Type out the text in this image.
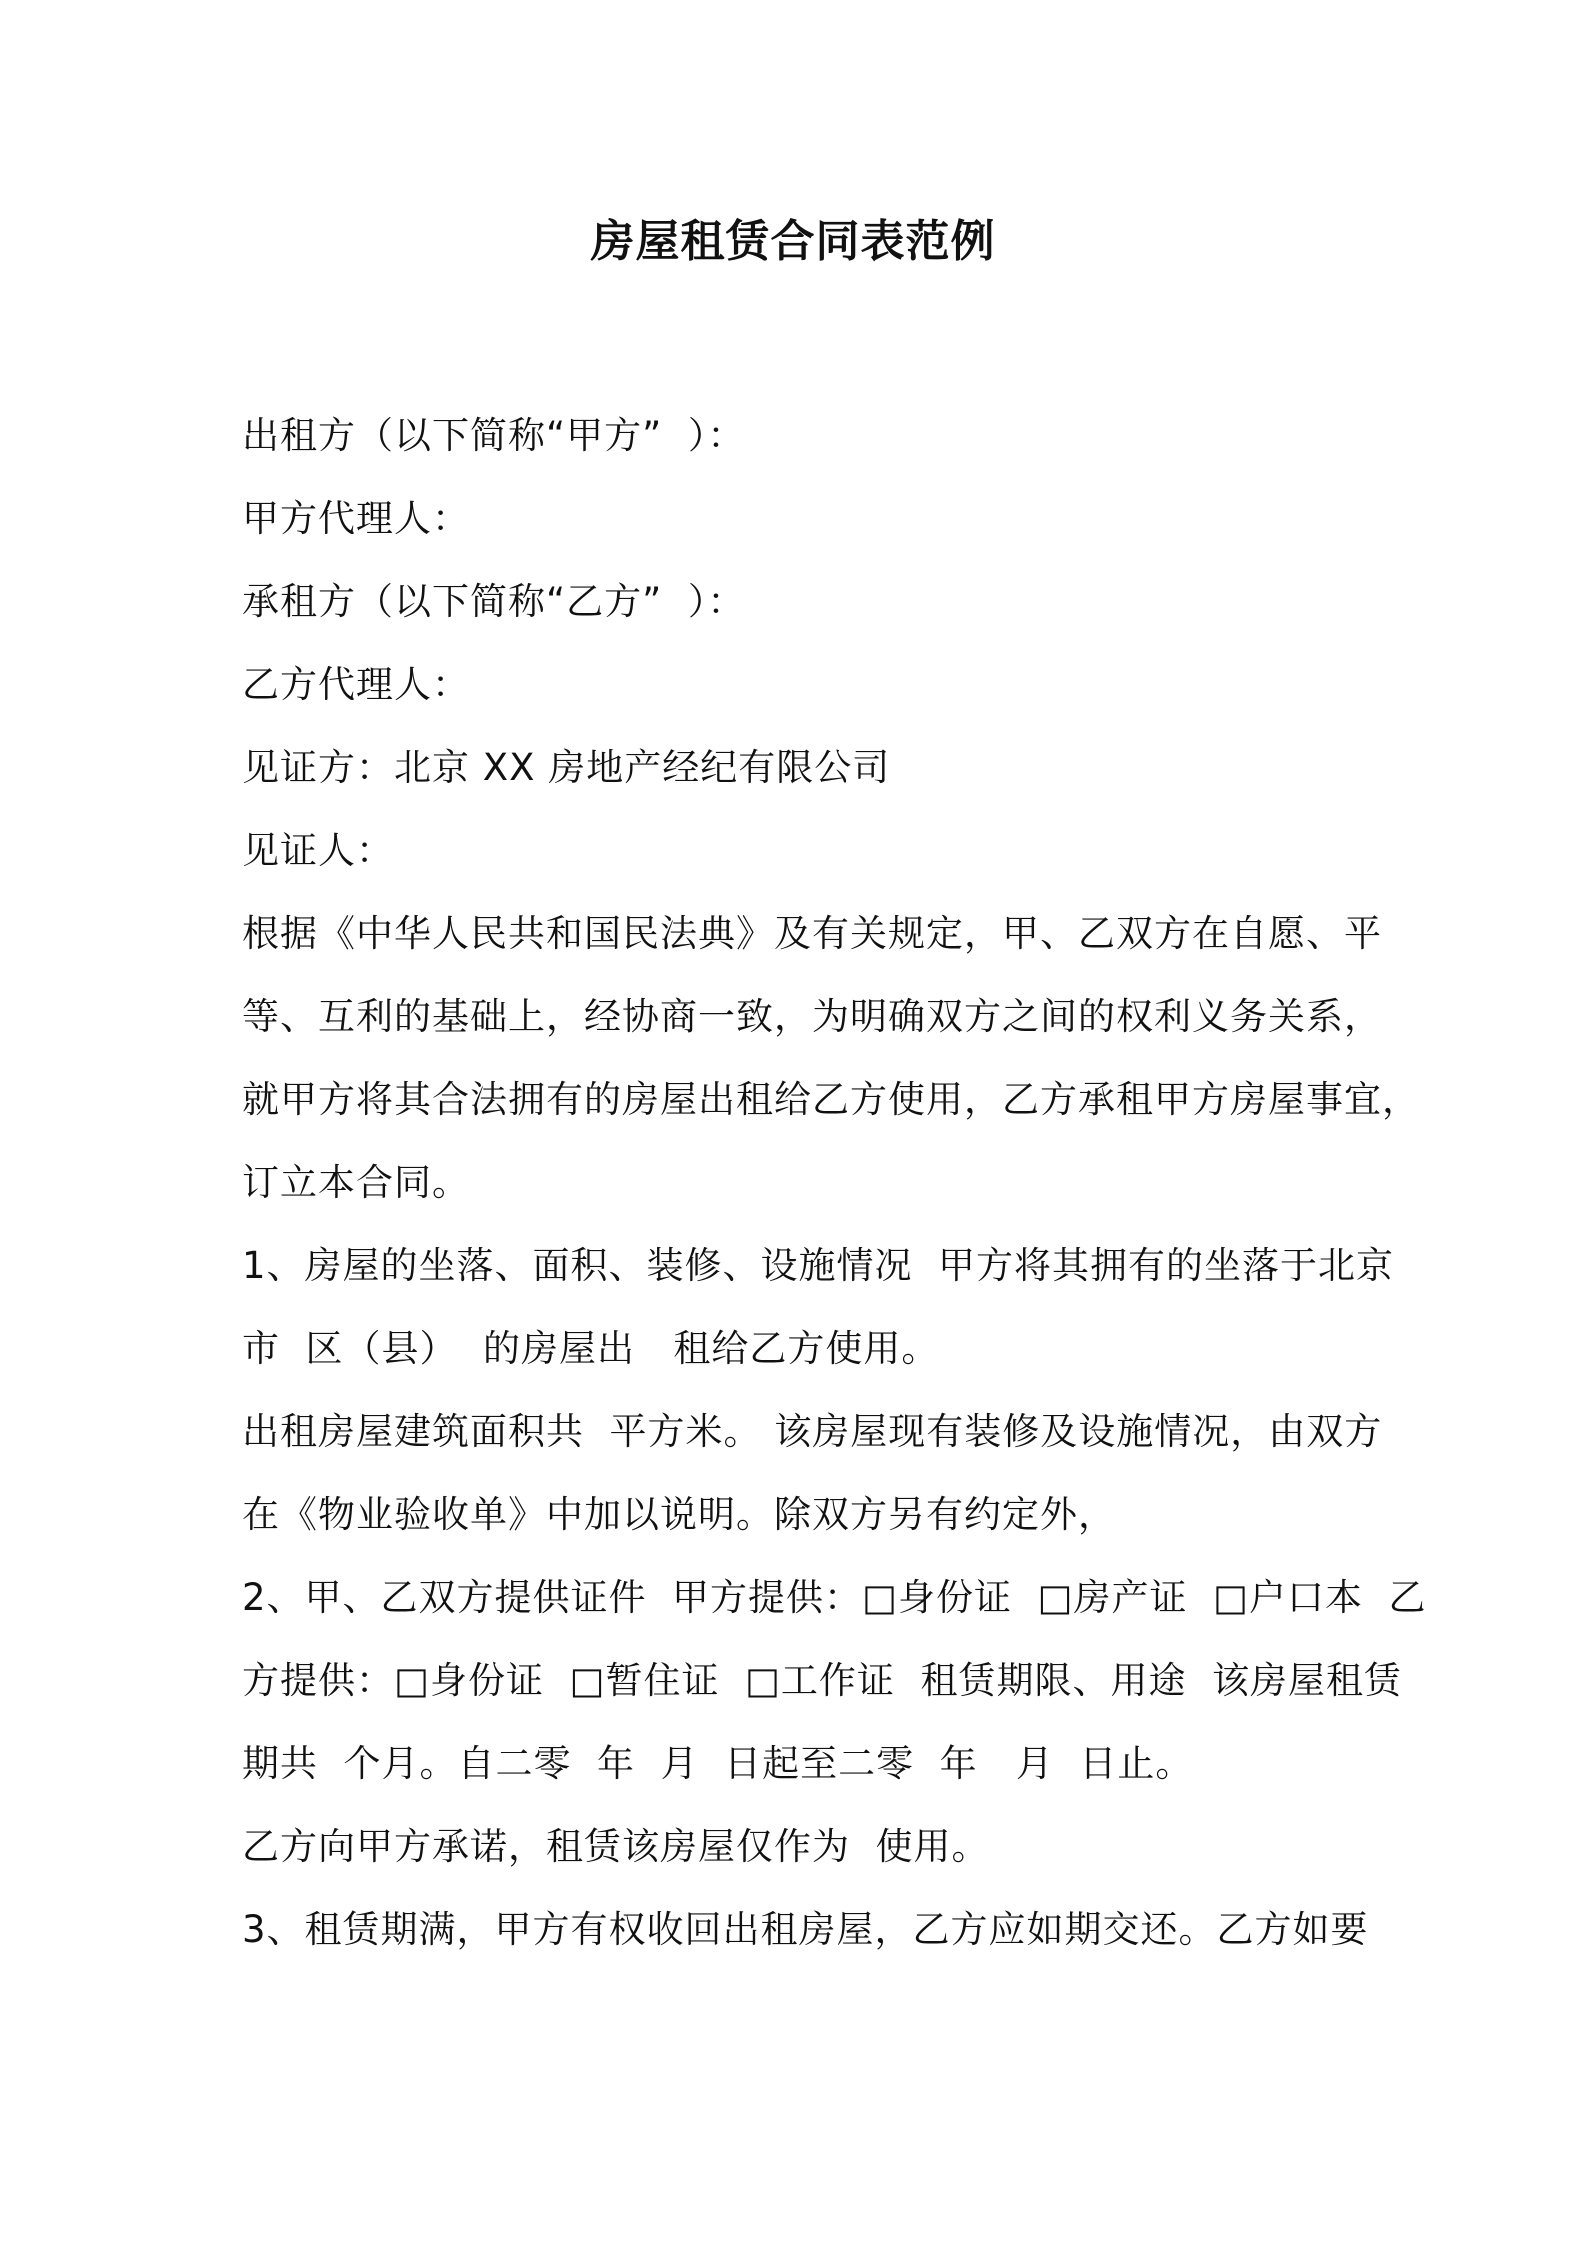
房屋租赁合同表范例
出租方（以下简称“甲方”  ）：
甲方代理人：
承租方（以下简称“乙方”  ）：
乙方代理人：
见证方：北京 XX 房地产经纪有限公司
见证人：
根据《中华人民共和国民法典》及有关规定，甲、乙双方在自愿、平
等、互利的基础上，经协商一致，为明确双方之间的权利义务关系，
就甲方将其合法拥有的房屋出租给乙方使用，乙方承租甲方房屋事宜，
订立本合同。
1、房屋的坐落、面积、装修、设施情况  甲方将其拥有的坐落于北京
市  区（县）  的房屋出   租给乙方使用。
出租房屋建筑面积共  平方米。 该房屋现有装修及设施情况，由双方
在《物业验收单》中加以说明。除双方另有约定外，
2、甲、乙双方提供证件  甲方提供：□身份证  □房产证  □户口本  乙
方提供：□身份证  □暂住证  □工作证  租赁期限、用途  该房屋租赁
期共  个月。自二零  年  月  日起至二零  年   月  日止。
乙方向甲方承诺，租赁该房屋仅作为  使用。
3、租赁期满，甲方有权收回出租房屋，乙方应如期交还。乙方如要
